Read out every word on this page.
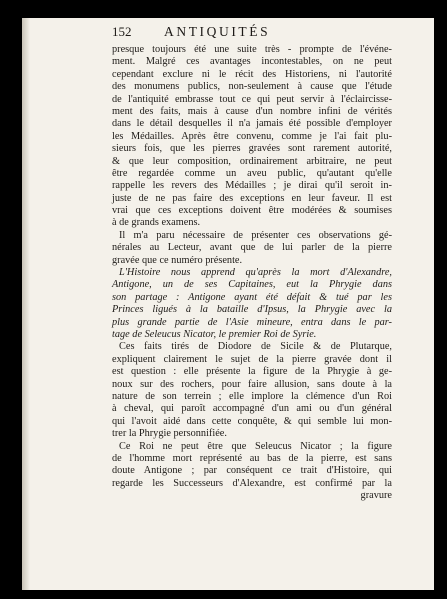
152 ANTIQUITÉS
presque toujours été une suite très - prompte de l'événe-
ment. Malgré ces avantages incontestables, on ne peut
cependant exclure ni le récit des Historiens, ni l'autorité
des monumens publics, non-seulement à cause que l'étude
de l'antiquité embrasse tout ce qui peut servir à l'éclaircisse-
ment des faits, mais à cause d'un nombre infini de vérités
dans le détail desquelles il n'a jamais été possible d'employer
les Médailles. Après être convenu, comme je l'ai fait plu-
sieurs fois, que les pierres gravées sont rarement autorité,
& que leur composition, ordinairement arbitraire, ne peut
être regardée comme un aveu public, qu'autant qu'elle
rappelle les revers des Médailles ; je dirai qu'il seroit in-
juste de ne pas faire des exceptions en leur faveur. Il est
vrai que ces exceptions doivent être modérées & soumises
à de grands examens.
Il m'a paru nécessaire de présenter ces observations gé-
nérales au Lecteur, avant que de lui parler de la pierre
gravée que ce numéro présente.
L'Histoire nous apprend qu'après la mort d'Alexandre,
Antigone, un de ses Capitaines, eut la Phrygie dans
son partage : Antigone ayant été défait & tué par les
Princes ligués à la bataille d'Ipsus, la Phrygie avec la
plus grande partie de l'Asie mineure, entra dans le par-
tage de Seleucus Nicator, le premier Roi de Syrie.
Ces faits tirés de Diodore de Sicile & de Plutarque,
expliquent clairement le sujet de la pierre gravée dont il
est question : elle présente la figure de la Phrygie à ge-
noux sur des rochers, pour faire allusion, sans doute à la
nature de son terrein ; elle implore la clémence d'un Roi
à cheval, qui paroît accompagné d'un ami ou d'un général
qui l'avoit aidé dans cette conquête, & qui semble lui mon-
trer la Phrygie personnifiée.
Ce Roi ne peut être que Seleucus Nicator ; la figure
de l'homme mort représenté au bas de la pierre, est sans
doute Antigone ; par conséquent ce trait d'Histoire, qui
regarde les Successeurs d'Alexandre, est confirmé par la
gravure
